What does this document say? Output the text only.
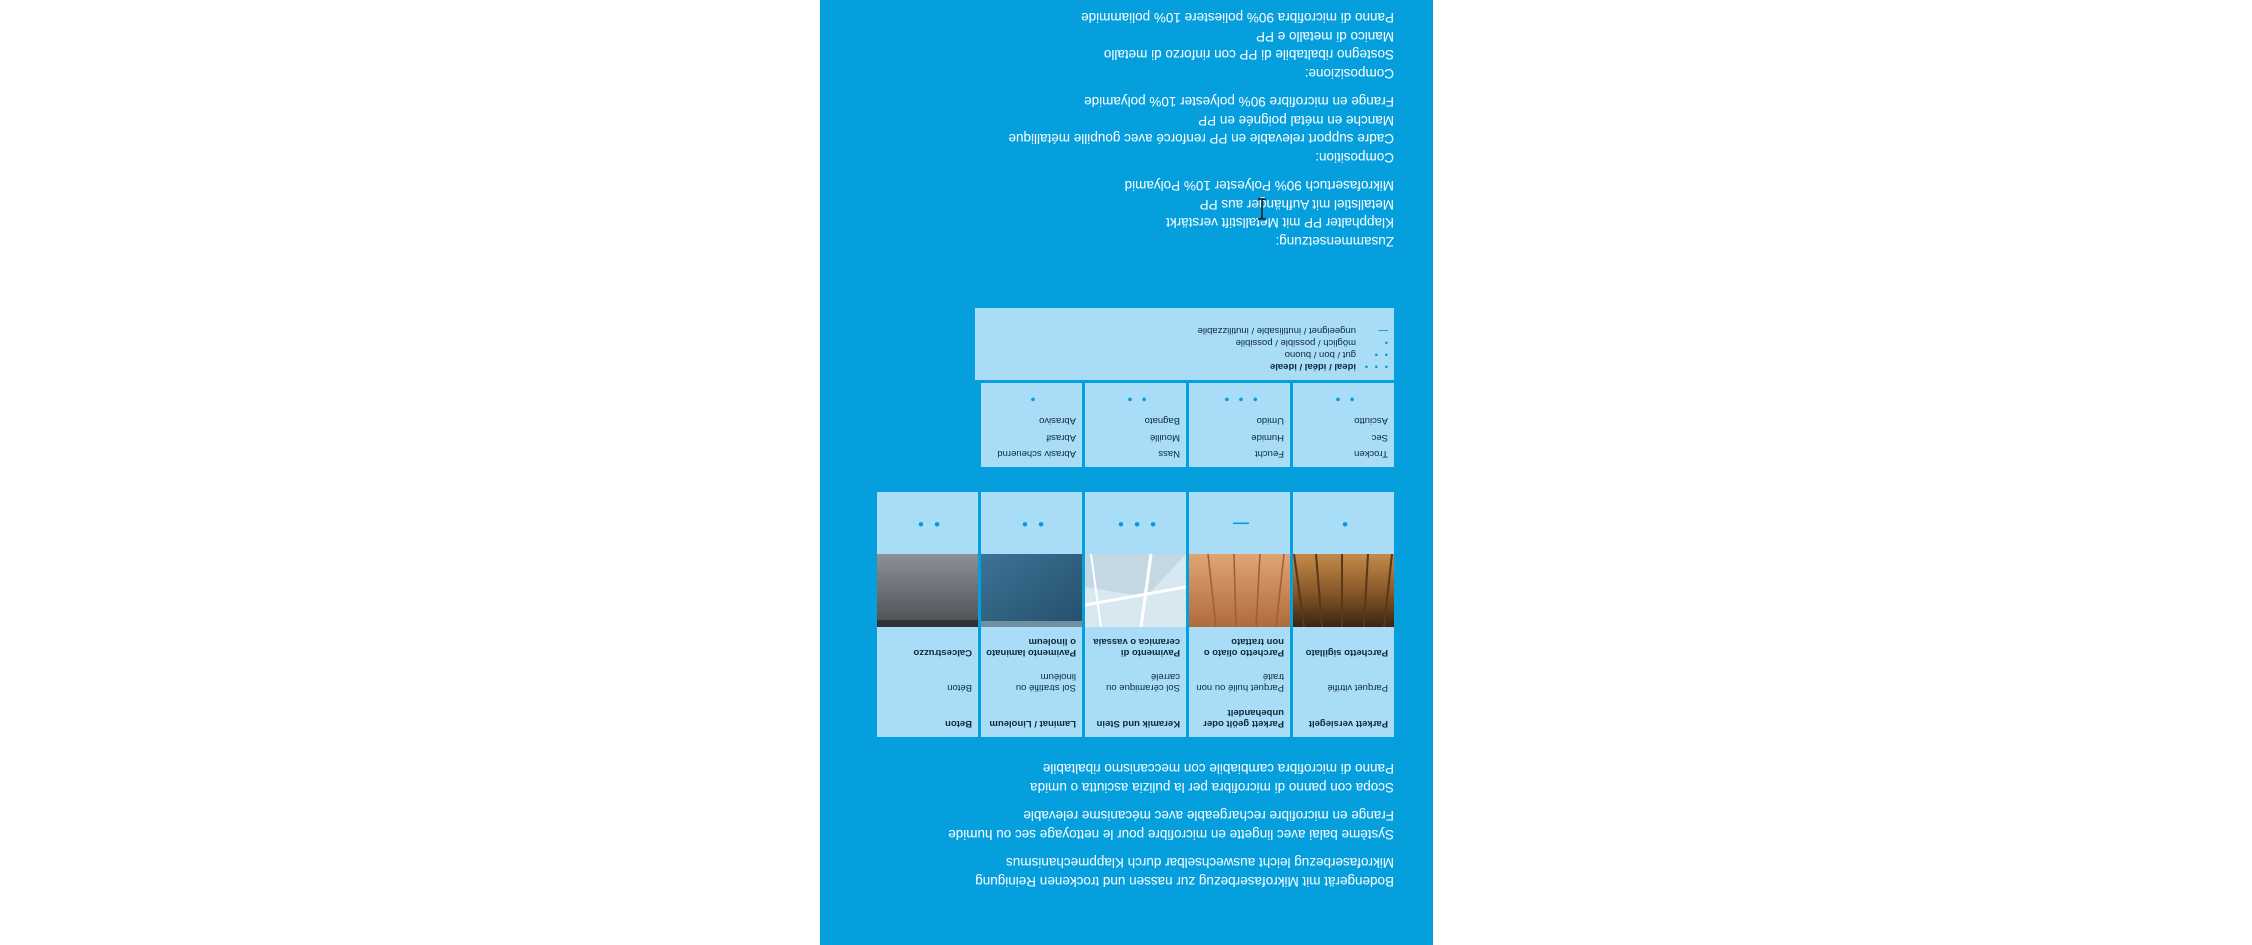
Bodengerät mit Mikrofaserbezug zur nassen und trockenen Reinigung

Mikrofaserbezug leicht auswechselbar durch Klappmechanismus

Système balai avec lingette en microfibre pour le nettoyage sec ou humide

Frange en microfibre rechargeable avec mécanisme relevable

Scopa con panno di microfibra per la pulizia asciutta o umida

Panno di microfibra cambiabile con meccanismo ribaltabile

Parkett versiegelt
Parquet vitrifié
Parchetto sigillato
•
Parkett geölt oder unbehandelt
Parquet huilé ou non traité
Parchetto oliato o non trattato
—
Keramik und Stein
Sol céramique ou carrelé
Pavimento di ceramica o vassaia
• • •
Laminat / Linoleum
Sol stratifié ou linoléum
Pavimento laminato o linoleum
• •
Beton
Béton
Calcestruzzo
• •
Trocken
Sec
Asciutto
• •
Feucht
Humide
Umido
• • •
Nass
Mouillé
Bagnato
• •
Abrasiv scheuernd
Abrasif
Abrasivo
•
• • •ideal / idéal / ideale
• •gut / bon / buono
•möglich / possible / possibile
—ungeeignet / inutilisable / inutilizzabile

Zusammensetzung:

Klapphalter PP mit Metallstift verstärkt

Metallstiel mit Aufhänger aus PP

Mikrofasertuch 90% Polyester 10% Polyamid

Composition:

Cadre support relevable en PP renforcé avec goupille métallique

Manche en métal poignée en PP

Frange en microfibre 90% polyester 10% polyamide

Composizione:

Sostegno ribaltabile di PP con rinforzo di metallo

Manico di metallo e PP

Panno di microfibra 90% poliestere 10% poliammide
